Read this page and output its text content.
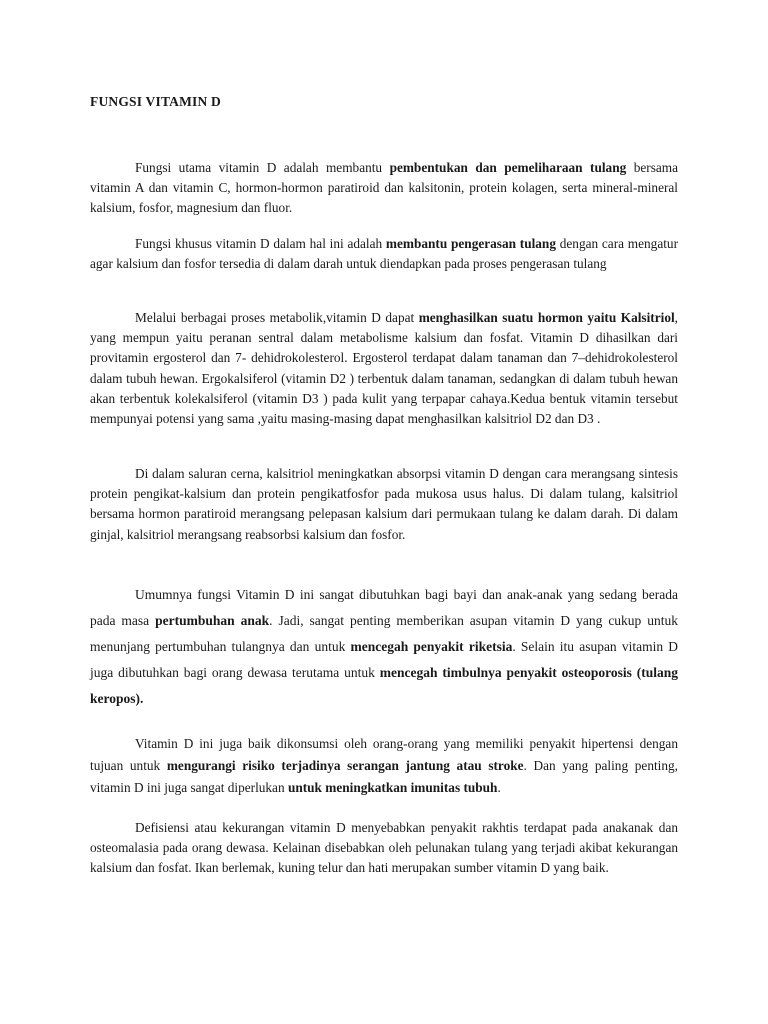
FUNGSI VITAMIN D

Fungsi utama vitamin D adalah membantu pembentukan dan pemeliharaan tulang bersama vitamin A dan vitamin C, hormon-hormon paratiroid dan kalsitonin, protein kolagen, serta mineral-mineral kalsium, fosfor, magnesium dan fluor.

Fungsi khusus vitamin D dalam hal ini adalah membantu pengerasan tulang dengan cara mengatur agar kalsium dan fosfor tersedia di dalam darah untuk diendapkan pada proses pengerasan tulang

Melalui berbagai proses metabolik,vitamin D dapat menghasilkan suatu hormon yaitu Kalsitriol, yang mempun yaitu peranan sentral dalam metabolisme kalsium dan fosfat. Vitamin D dihasilkan dari provitamin ergosterol dan 7- dehidrokolesterol. Ergosterol terdapat dalam tanaman dan 7–dehidrokolesterol dalam tubuh hewan. Ergokalsiferol (vitamin D2 ) terbentuk dalam tanaman, sedangkan di dalam tubuh hewan akan terbentuk kolekalsiferol (vitamin D3 ) pada kulit yang terpapar cahaya.Kedua bentuk vitamin tersebut mempunyai potensi yang sama ,yaitu masing-masing dapat menghasilkan kalsitriol D2 dan D3 .

Di dalam saluran cerna, kalsitriol meningkatkan absorpsi vitamin D dengan cara merangsang sintesis protein pengikat-kalsium dan protein pengikatfosfor pada mukosa usus halus. Di dalam tulang, kalsitriol bersama hormon paratiroid merangsang pelepasan kalsium dari permukaan tulang ke dalam darah. Di dalam ginjal, kalsitriol merangsang reabsorbsi kalsium dan fosfor.

Umumnya fungsi Vitamin D ini sangat dibutuhkan bagi bayi dan anak-anak yang sedang berada pada masa pertumbuhan anak. Jadi, sangat penting memberikan asupan vitamin D yang cukup untuk menunjang pertumbuhan tulangnya dan untuk mencegah penyakit riketsia. Selain itu asupan vitamin D juga dibutuhkan bagi orang dewasa terutama untuk mencegah timbulnya penyakit osteoporosis (tulang keropos).

Vitamin D ini juga baik dikonsumsi oleh orang-orang yang memiliki penyakit hipertensi dengan tujuan untuk mengurangi risiko terjadinya serangan jantung atau stroke. Dan yang paling penting, vitamin D ini juga sangat diperlukan untuk meningkatkan imunitas tubuh.

Defisiensi atau kekurangan vitamin D menyebabkan penyakit rakhtis terdapat pada anakanak dan osteomalasia pada orang dewasa. Kelainan disebabkan oleh pelunakan tulang yang terjadi akibat kekurangan kalsium dan fosfat. Ikan berlemak, kuning telur dan hati merupakan sumber vitamin D yang baik.
